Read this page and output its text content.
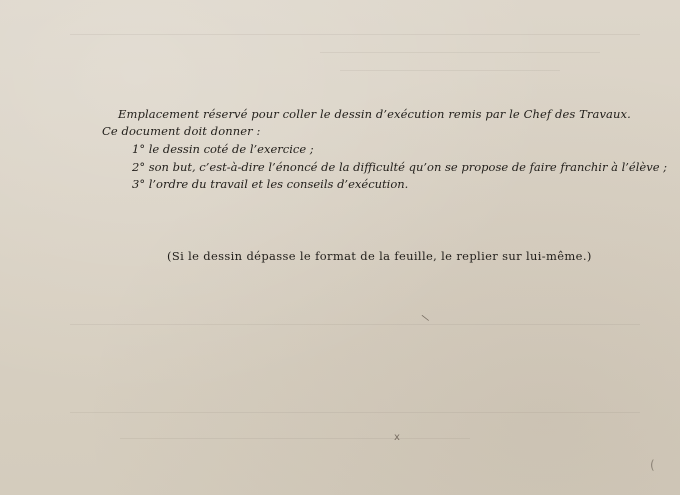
Emplacement réservé pour coller le dessin d’exécution remis par le Chef des Travaux.
Ce document doit donner :
1° le dessin coté de l’exercice ;
2° son but, c’est-à-dire l’énoncé de la difficulté qu’on se propose de faire franchir à l’élève ;
3° l’ordre du travail et les conseils d’exécution.
(Si le dessin dépasse le format de la feuille, le replier sur lui-même.)
\
x
(
